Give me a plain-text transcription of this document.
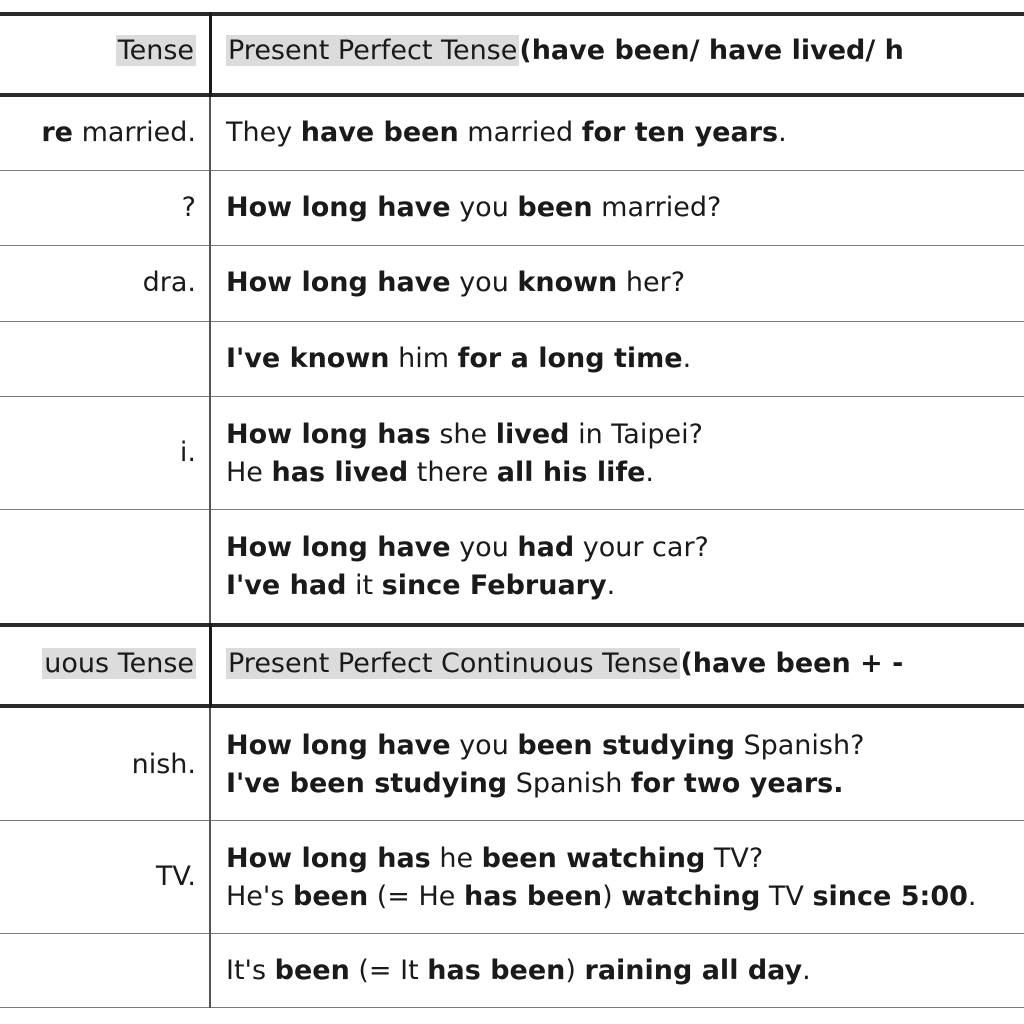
Tense Present Perfect Tense(have been/ have lived/ h
re married. They have been married for ten years.
? How long have you been married?
dra. How long have you known her?
I've known him for a long time.
i.
How long has she lived in Taipei?
He has lived there all his life.
How long have you had your car?
I've had it since February.
uous Tense Present Perfect Continuous Tense(have been + -
nish.
How long have you been studying Spanish?
I've been studying Spanish for two years.
TV.
How long has he been watching TV?
He's been (= He has been) watching TV since 5:00.
It's been (= It has been) raining all day.
